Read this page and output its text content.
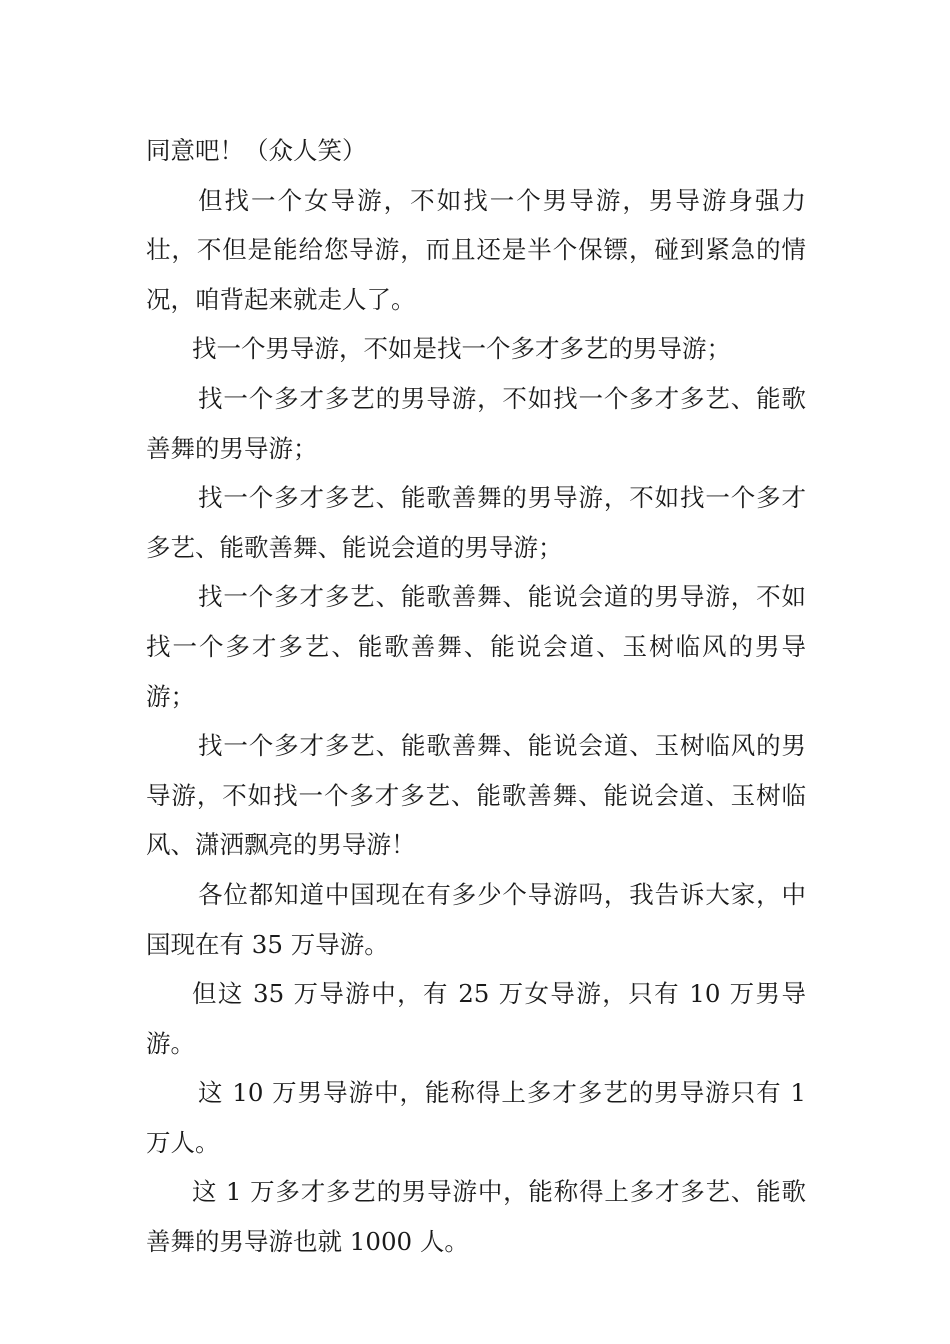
同意吧！（众人笑）

但找一个女导游，不如找一个男导游，男导游身强力壮，不但是能给您导游，而且还是半个保镖，碰到紧急的情况，咱背起来就走人了。

找一个男导游，不如是找一个多才多艺的男导游；

找一个多才多艺的男导游，不如找一个多才多艺、能歌善舞的男导游；

找一个多才多艺、能歌善舞的男导游，不如找一个多才多艺、能歌善舞、能说会道的男导游；

找一个多才多艺、能歌善舞、能说会道的男导游，不如找一个多才多艺、能歌善舞、能说会道、玉树临风的男导游；

找一个多才多艺、能歌善舞、能说会道、玉树临风的男导游，不如找一个多才多艺、能歌善舞、能说会道、玉树临风、潇洒飘亮的男导游！

各位都知道中国现在有多少个导游吗，我告诉大家，中国现在有 35 万导游。

但这 35 万导游中，有 25 万女导游，只有 10 万男导游。

这 10 万男导游中，能称得上多才多艺的男导游只有 1 万人。

这 1 万多才多艺的男导游中，能称得上多才多艺、能歌善舞的男导游也就 1000 人。
